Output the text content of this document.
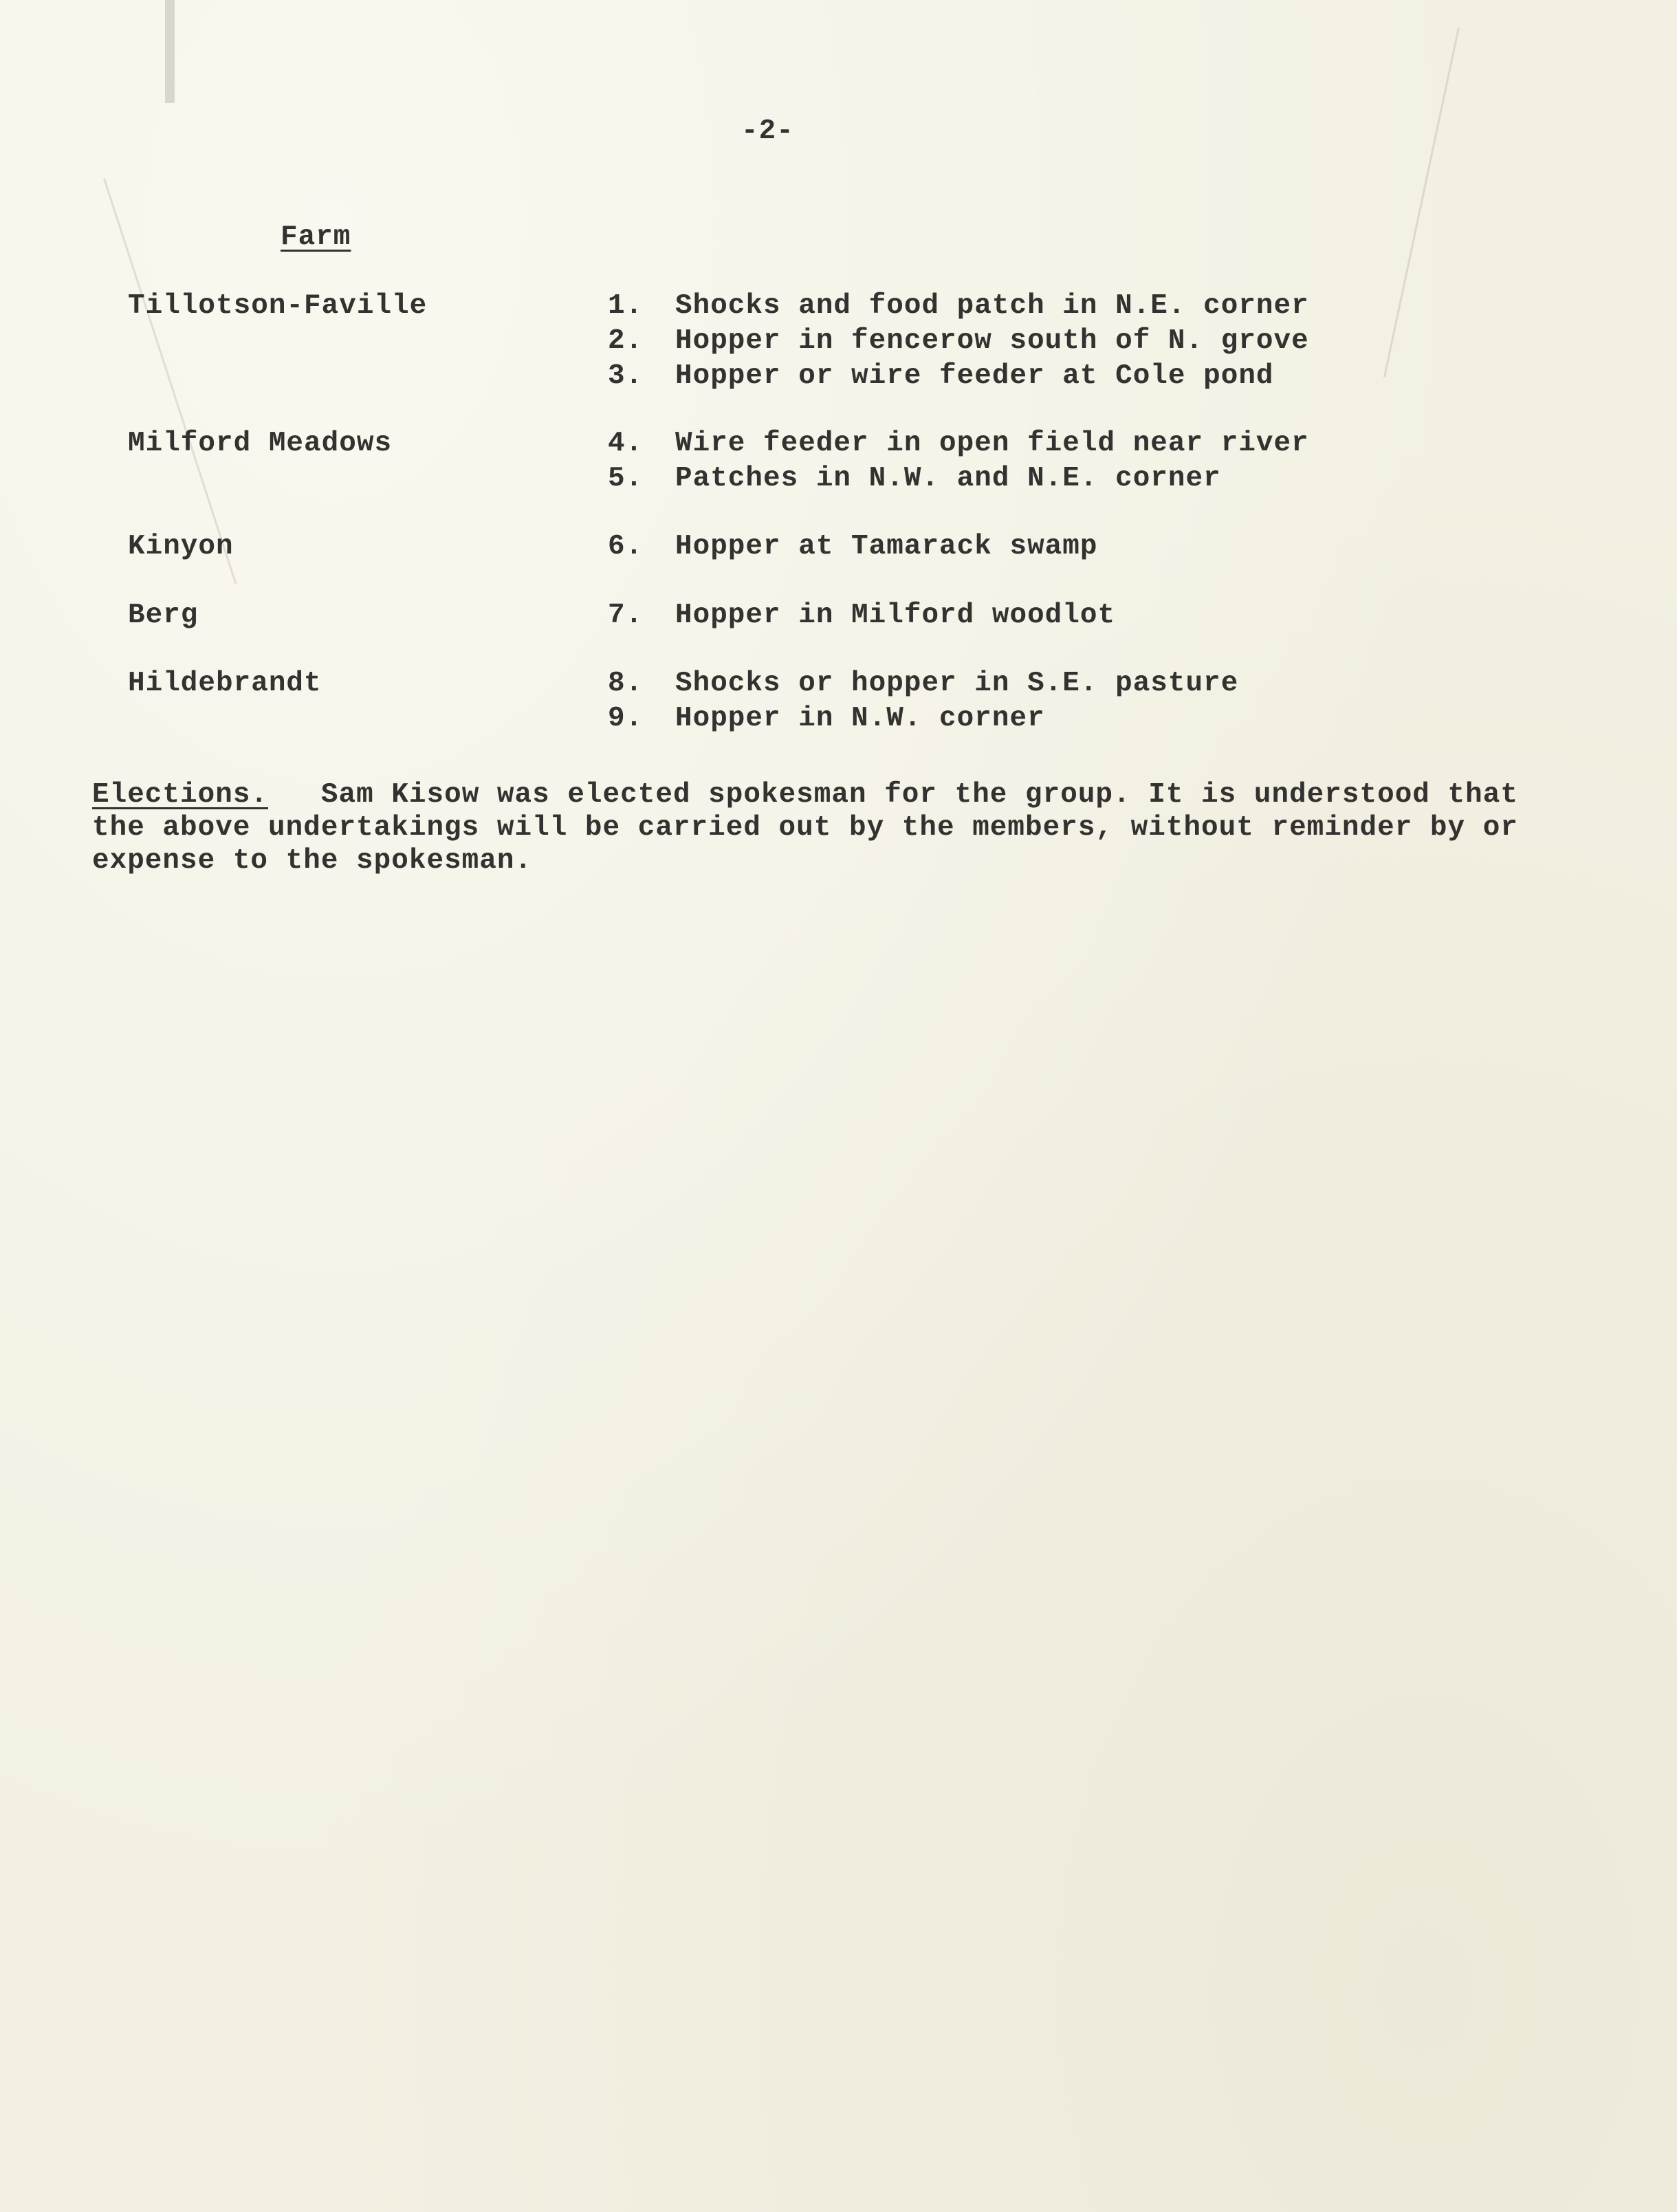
-2-
Farm
Tillotson-Faville	1.	Shocks and food patch in N.E. corner
2.	Hopper in fencerow south of N. grove
3.	Hopper or wire feeder at Cole pond
Milford Meadows	4.	Wire feeder in open field near river
5.	Patches in N.W. and N.E. corner
Kinyon	6.	Hopper at Tamarack swamp
Berg	7.	Hopper in Milford woodlot
Hildebrandt	8.	Shocks or hopper in S.E. pasture
9.	Hopper in N.W. corner
Elections. Sam Kisow was elected spokesman for the group. It is understood that the above undertakings will be carried out by the members, without reminder by or expense to the spokesman.
